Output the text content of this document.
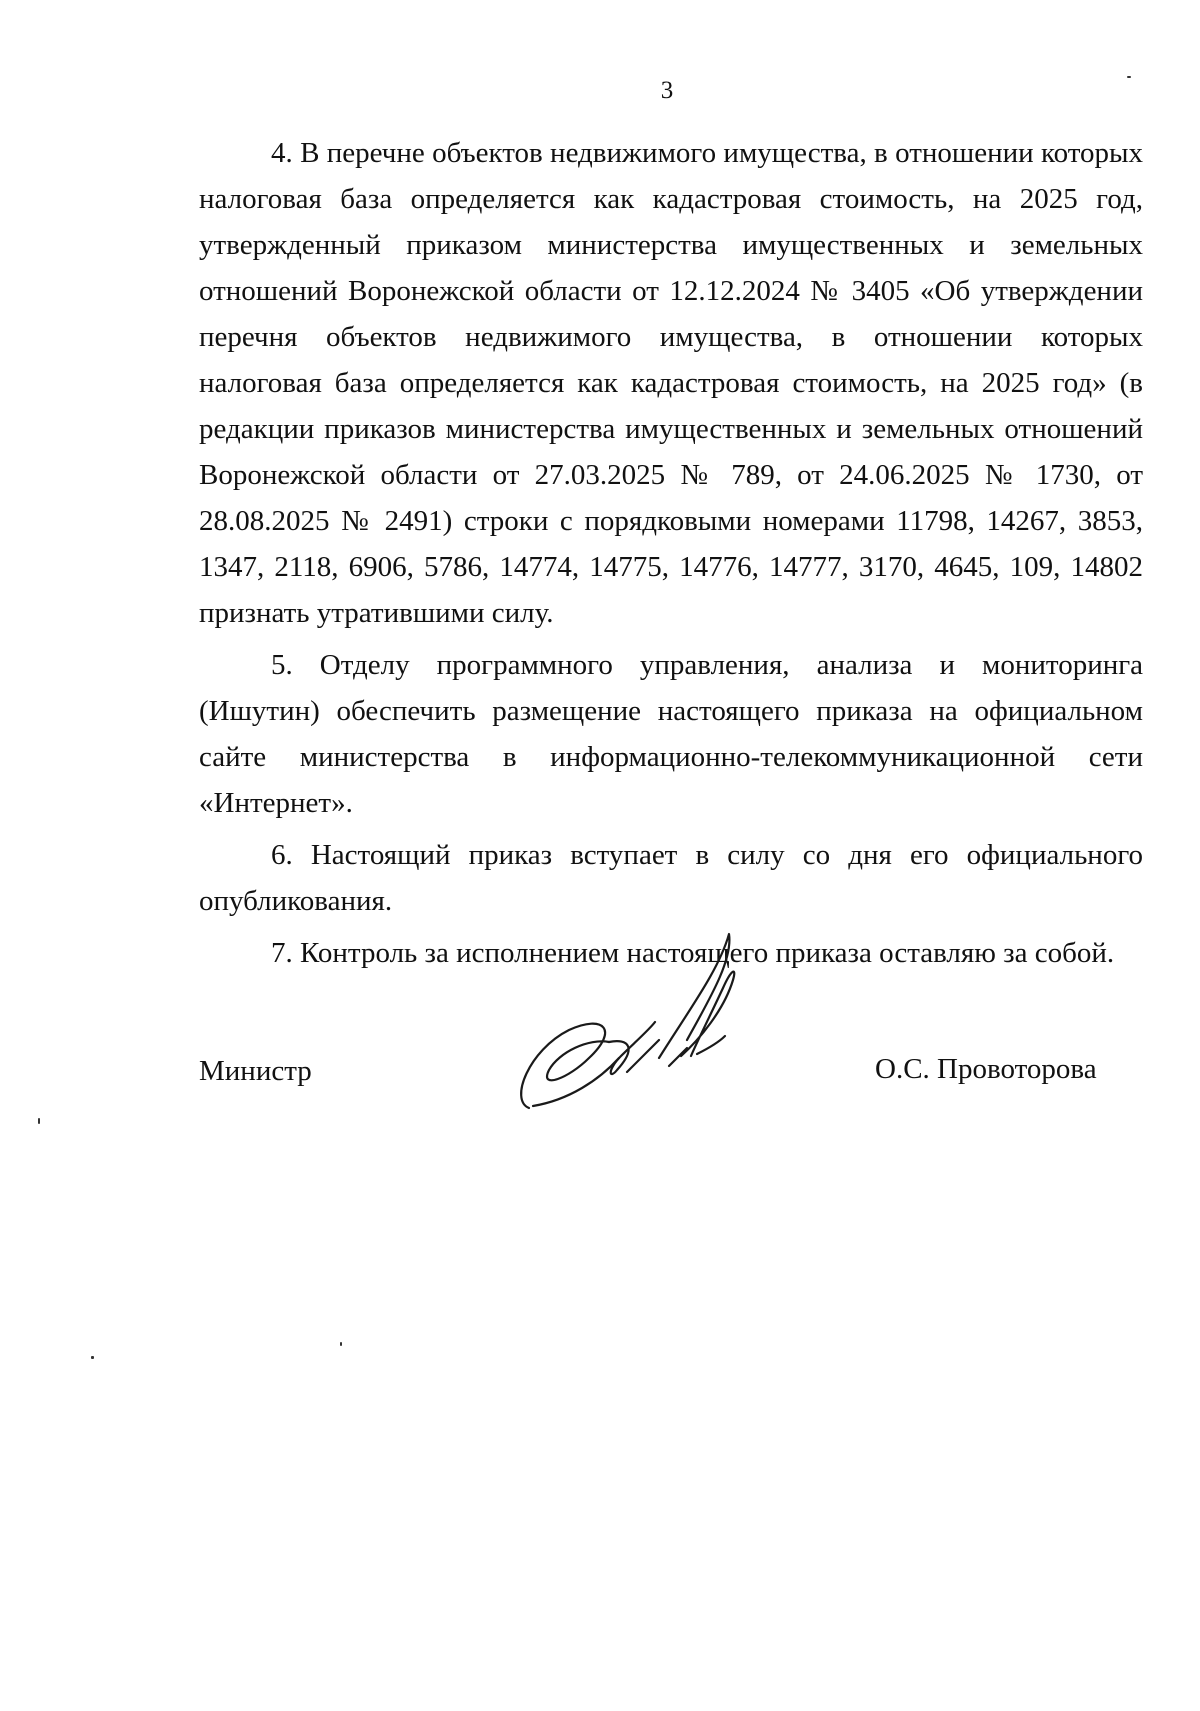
3

4. В перечне объектов недвижимого имущества, в отношении которых налоговая база определяется как кадастровая стоимость, на 2025 год, утвержденный приказом министерства имущественных и земельных отношений Воронежской области от 12.12.2024 № 3405 «Об утверждении перечня объектов недвижимого имущества, в отношении которых налоговая база определяется как кадастровая стоимость, на 2025 год» (в редакции приказов министерства имущественных и земельных отношений Воронежской области от 27.03.2025 № 789, от 24.06.2025 № 1730, от 28.08.2025 № 2491) строки с порядковыми номерами 11798, 14267, 3853, 1347, 2118, 6906, 5786, 14774, 14775, 14776, 14777, 3170, 4645, 109, 14802 признать утратившими силу.

5. Отделу программного управления, анализа и мониторинга (Ишутин) обеспечить размещение настоящего приказа на официальном сайте министерства в информационно-телекоммуникационной сети «Интернет».

6. Настоящий приказ вступает в силу со дня его официального опубликования.

7. Контроль за исполнением настоящего приказа оставляю за собой.

Министр	О.С. Провоторова
